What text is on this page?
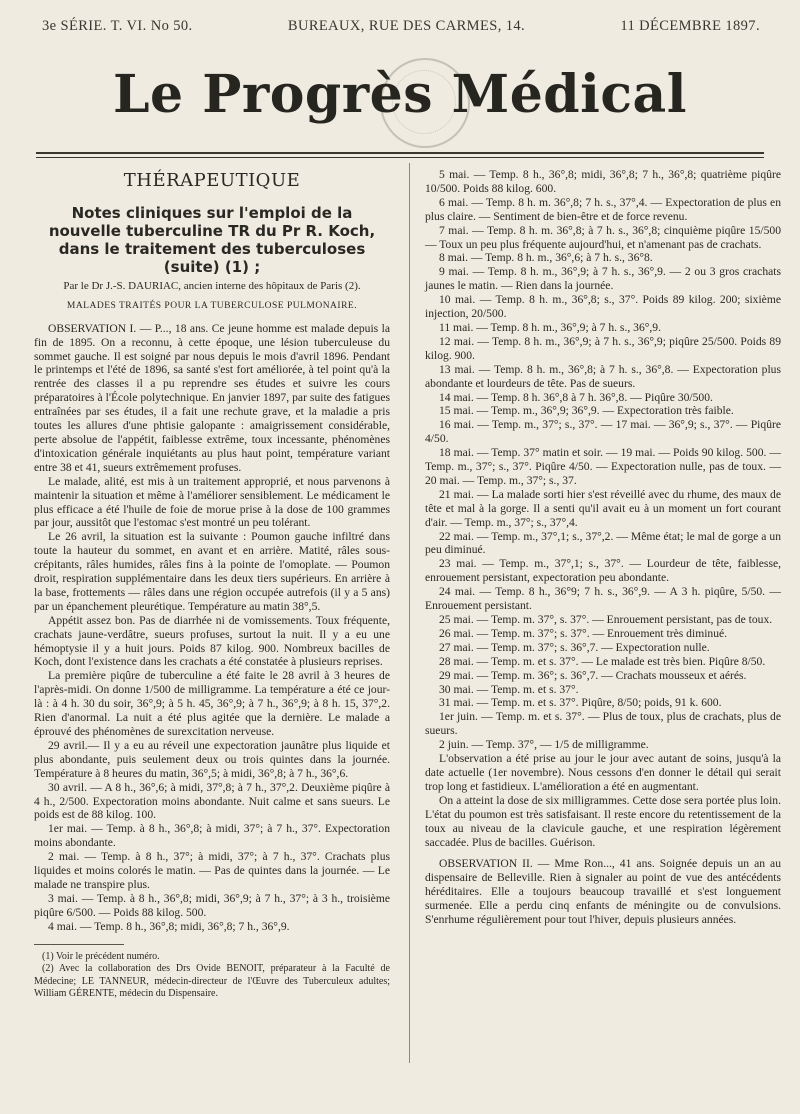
3e SÉRIE. T. VI. No 50.	BUREAUX, RUE DES CARMES, 14.	11 DÉCEMBRE 1897.
Le Progrès Médical

THÉRAPEUTIQUE

Notes cliniques sur l'emploi de la nouvelle tuberculine TR du Pr R. Koch, dans le traitement des tuberculoses (suite) (1) ;

Par le Dr J.-S. DAURIAC, ancien interne des hôpitaux de Paris (2).

MALADES TRAITÉS POUR LA TUBERCULOSE PULMONAIRE.

OBSERVATION I. — P..., 18 ans. Ce jeune homme est malade depuis la fin de 1895. On a reconnu, à cette époque, une lésion tuberculeuse du sommet gauche. Il est soigné par nous depuis le mois d'avril 1896. Pendant le printemps et l'été de 1896, sa santé s'est fort améliorée, à tel point qu'à la rentrée des classes il a pu reprendre ses études et suivre les cours préparatoires à l'École polytechnique. En janvier 1897, par suite des fatigues entraînées par ses études, il a fait une rechute grave, et la maladie a pris toutes les allures d'une phtisie galopante : amaigrissement considérable, perte absolue de l'appétit, faiblesse extrême, toux incessante, phénomènes d'intoxication générale inquiétants au plus haut point, température variant entre 38 et 41, sueurs extrêmement profuses.

Le malade, alité, est mis à un traitement approprié, et nous parvenons à maintenir la situation et même à l'améliorer sensiblement. Le médicament le plus efficace a été l'huile de foie de morue prise à la dose de 100 grammes par jour, aussitôt que l'estomac s'est montré un peu tolérant.

Le 26 avril, la situation est la suivante : Poumon gauche infiltré dans toute la hauteur du sommet, en avant et en arrière. Matité, râles sous-crépitants, râles humides, râles fins à la pointe de l'omoplate. — Poumon droit, respiration supplémentaire dans les deux tiers supérieurs. En arrière à la base, frottements — râles dans une région occupée autrefois (il y a 5 ans) par un épanchement pleurétique. Température au matin 38°,5.

Appétit assez bon. Pas de diarrhée ni de vomissements. Toux fréquente, crachats jaune-verdâtre, sueurs profuses, surtout la nuit. Il y a eu une hémoptysie il y a huit jours. Poids 87 kilog. 900. Nombreux bacilles de Koch, dont l'existence dans les crachats a été constatée à plusieurs reprises.

La première piqûre de tuberculine a été faite le 28 avril à 3 heures de l'après-midi. On donne 1/500 de milligramme. La température a été ce jour-là : à 4 h. 30 du soir, 36°,9; à 5 h. 45, 36°,9; à 7 h., 36°,9; à 8 h. 15, 37°,2. Rien d'anormal. La nuit a été plus agitée que la dernière. Le malade a éprouvé des phénomènes de surexcitation nerveuse.

29 avril.— Il y a eu au réveil une expectoration jaunâtre plus liquide et plus abondante, puis seulement deux ou trois quintes dans la journée. Température à 8 heures du matin, 36°,5; à midi, 36°,8; à 7 h., 36°,6.

30 avril. — A 8 h., 36°,6; à midi, 37°,8; à 7 h., 37°,2. Deuxième piqûre à 4 h., 2/500. Expectoration moins abondante. Nuit calme et sans sueurs. Le poids est de 88 kilog. 100.

1er mai. — Temp. à 8 h., 36°,8; à midi, 37°; à 7 h., 37°. Expectoration moins abondante.

2 mai. — Temp. à 8 h., 37°; à midi, 37°; à 7 h., 37°. Crachats plus liquides et moins colorés le matin. — Pas de quintes dans la journée. — Le malade ne transpire plus.

3 mai. — Temp. à 8 h., 36°,8; midi, 36°,9; à 7 h., 37°; à 3 h., troisième piqûre 6/500. — Poids 88 kilog. 500.

4 mai. — Temp. 8 h., 36°,8; midi, 36°,8; 7 h., 36°,9.

(1) Voir le précédent numéro.

(2) Avec la collaboration des Drs Ovide BENOIT, préparateur à la Faculté de Médecine; LE TANNEUR, médecin-directeur de l'Œuvre des Tuberculeux adultes; William GÉRENTE, médecin du Dispensaire.

5 mai. — Temp. 8 h., 36°,8; midi, 36°,8; 7 h., 36°,8; quatrième piqûre 10/500. Poids 88 kilog. 600.

6 mai. — Temp. 8 h. m. 36°,8; 7 h. s., 37°,4. — Expectoration de plus en plus claire. — Sentiment de bien-être et de force revenu.

7 mai. — Temp. 8 h. m. 36°,8; à 7 h. s., 36°,8; cinquième piqûre 15/500 — Toux un peu plus fréquente aujourd'hui, et n'amenant pas de crachats.

8 mai. — Temp. 8 h. m., 36°,6; à 7 h. s., 36°8.

9 mai. — Temp. 8 h. m., 36°,9; à 7 h. s., 36°,9. — 2 ou 3 gros crachats jaunes le matin. — Rien dans la journée.

10 mai. — Temp. 8 h. m., 36°,8; s., 37°. Poids 89 kilog. 200; sixième injection, 20/500.

11 mai. — Temp. 8 h. m., 36°,9; à 7 h. s., 36°,9.

12 mai. — Temp. 8 h. m., 36°,9; à 7 h. s., 36°,9; piqûre 25/500. Poids 89 kilog. 900.

13 mai. — Temp. 8 h. m., 36°,8; à 7 h. s., 36°,8. — Expectoration plus abondante et lourdeurs de tête. Pas de sueurs.

14 mai. — Temp. 8 h. 36°,8 à 7 h. 36°,8. — Piqûre 30/500.

15 mai. — Temp. m., 36°,9; 36°,9. — Expectoration très faible.

16 mai. — Temp. m., 37°; s., 37°. — 17 mai. — 36°,9; s., 37°. — Piqûre 4/50.

18 mai. — Temp. 37° matin et soir. — 19 mai. — Poids 90 kilog. 500. — Temp. m., 37°; s., 37°. Piqûre 4/50. — Expectoration nulle, pas de toux. — 20 mai. — Temp. m., 37°; s., 37.

21 mai. — La malade sorti hier s'est réveillé avec du rhume, des maux de tête et mal à la gorge. Il a senti qu'il avait eu à un moment un fort courant d'air. — Temp. m., 37°; s., 37°,4.

22 mai. — Temp. m., 37°,1; s., 37°,2. — Même état; le mal de gorge a un peu diminué.

23 mai. — Temp. m., 37°,1; s., 37°. — Lourdeur de tête, faiblesse, enrouement persistant, expectoration peu abondante.

24 mai. — Temp. 8 h., 36°9; 7 h. s., 36°,9. — A 3 h. piqûre, 5/50. — Enrouement persistant.

25 mai. — Temp. m. 37°, s. 37°. — Enrouement persistant, pas de toux.

26 mai. — Temp. m. 37°; s. 37°. — Enrouement très diminué.

27 mai. — Temp. m. 37°; s. 36°,7. — Expectoration nulle.

28 mai. — Temp. m. et s. 37°. — Le malade est très bien. Piqûre 8/50.

29 mai. — Temp. m. 36°; s. 36°,7. — Crachats mousseux et aérés.

30 mai. — Temp. m. et s. 37°.

31 mai. — Temp. m. et s. 37°. Piqûre, 8/50; poids, 91 k. 600.

1er juin. — Temp. m. et s. 37°. — Plus de toux, plus de crachats, plus de sueurs.

2 juin. — Temp. 37°, — 1/5 de milligramme.

L'observation a été prise au jour le jour avec autant de soins, jusqu'à la date actuelle (1er novembre). Nous cessons d'en donner le détail qui serait trop long et fastidieux. L'amélioration a été en augmentant.

On a atteint la dose de six milligrammes. Cette dose sera portée plus loin. L'état du poumon est très satisfaisant. Il reste encore du retentissement de la toux au niveau de la clavicule gauche, et une respiration légèrement saccadée. Plus de bacilles. Guérison.

OBSERVATION II. — Mme Ron..., 41 ans. Soignée depuis un an au dispensaire de Belleville. Rien à signaler au point de vue des antécédents héréditaires. Elle a toujours beaucoup travaillé et s'est longuement surmenée. Elle a perdu cinq enfants de méningite ou de convulsions. S'enrhume régulièrement pour tout l'hiver, depuis plusieurs années.
